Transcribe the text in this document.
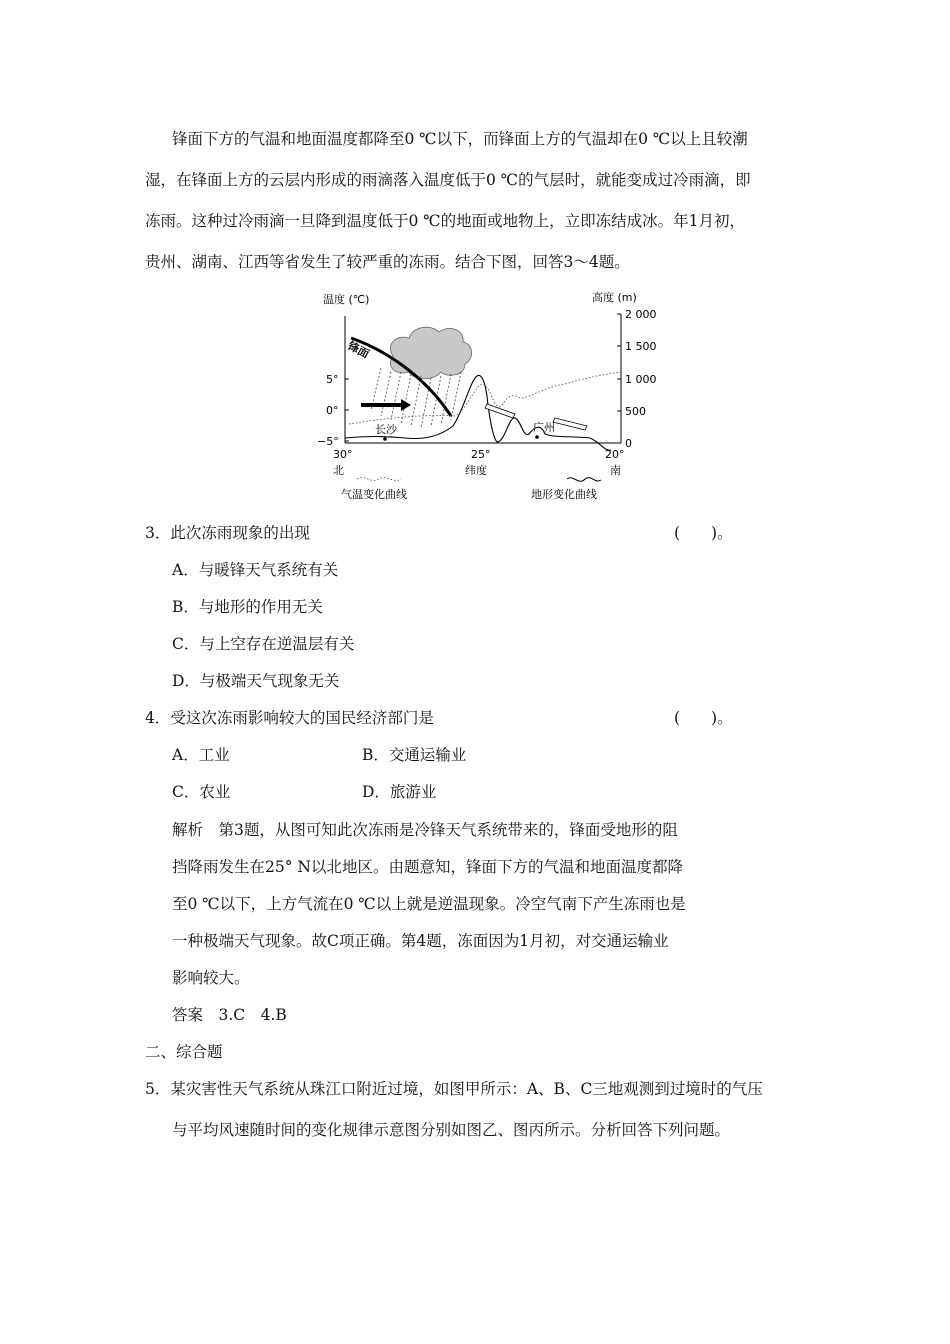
锋面下方的气温和地面温度都降至0 ℃以下，而锋面上方的气温却在0 ℃以上且较潮
湿，在锋面上方的云层内形成的雨滴落入温度低于0 ℃的气层时，就能变成过冷雨滴，即
冻雨。这种过冷雨滴一旦降到温度低于0 ℃的地面或地物上，立即冻结成冰。年1月初，
贵州、湖南、江西等省发生了较严重的冻雨。结合下图，回答3～4题。
温度 (℃)	高度 (m)
5°
0°
−5°
2 000
1 500
1 000
500
0
30°	25°	20°
北	纬度	南
锋面
长沙	广州
气温变化曲线	地形变化曲线
3．此次冻雨现象的出现	(　　)。
A．与暖锋天气系统有关
B．与地形的作用无关
C．与上空存在逆温层有关
D．与极端天气现象无关
4．受这次冻雨影响较大的国民经济部门是	(　　)。
A．工业	B．交通运输业
C．农业	D．旅游业
解析　第3题，从图可知此次冻雨是冷锋天气系统带来的，锋面受地形的阻
挡降雨发生在25° N以北地区。由题意知，锋面下方的气温和地面温度都降
至0 ℃以下，上方气流在0 ℃以上就是逆温现象。冷空气南下产生冻雨也是
一种极端天气现象。故C项正确。第4题，冻面因为1月初，对交通运输业
影响较大。
答案　3.C　4.B
二、综合题
5．某灾害性天气系统从珠江口附近过境，如图甲所示：A、B、C三地观测到过境时的气压
与平均风速随时间的变化规律示意图分别如图乙、图丙所示。分析回答下列问题。
